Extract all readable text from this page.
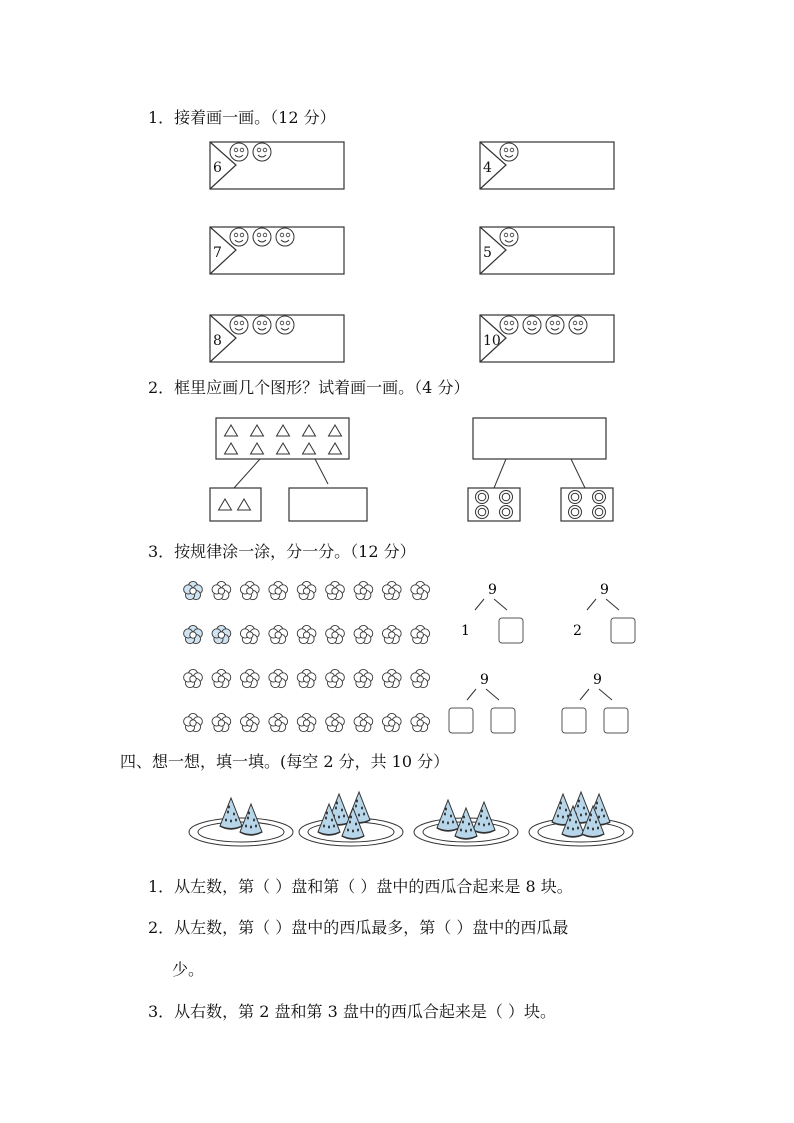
1．接着画一画。（12 分）
6	4
7	5
8	10
2．框里应画几个图形？试着画一画。（4 分）
3．按规律涂一涂，分一分。（12 分）
9
1
9
2
9	9
四、想一想，填一填。(每空 2 分，共 10 分）
1．从左数，第（ ）盘和第（ ）盘中的西瓜合起来是 8 块。
2．从左数，第（ ）盘中的西瓜最多，第（ ）盘中的西瓜最
少。
3．从右数，第 2 盘和第 3 盘中的西瓜合起来是（ ）块。
